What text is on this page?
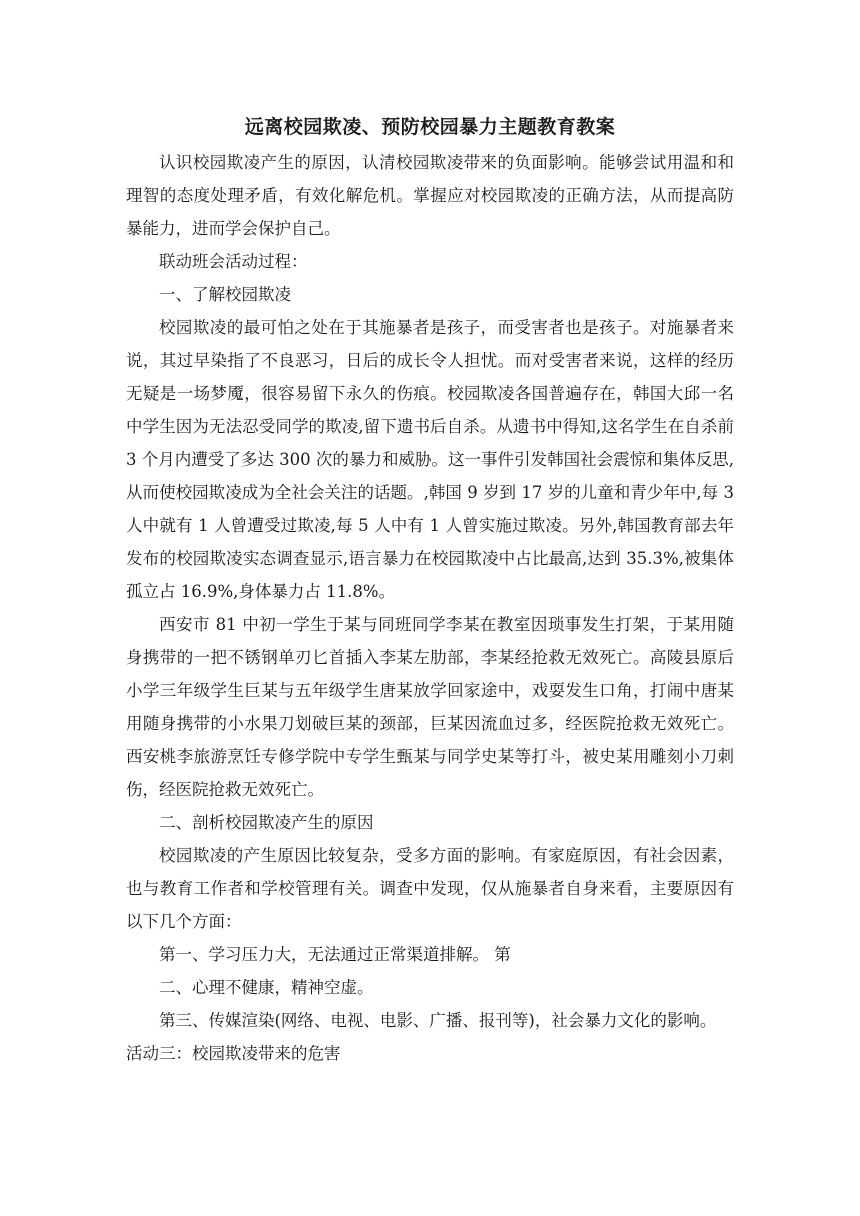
远离校园欺凌、预防校园暴力主题教育教案

认识校园欺凌产生的原因，认清校园欺凌带来的负面影响。能够尝试用温和和理智的态度处理矛盾，有效化解危机。掌握应对校园欺凌的正确方法，从而提高防暴能力，进而学会保护自己。

联动班会活动过程：

一、了解校园欺凌

校园欺凌的最可怕之处在于其施暴者是孩子，而受害者也是孩子。对施暴者来说，其过早染指了不良恶习，日后的成长令人担忧。而对受害者来说，这样的经历无疑是一场梦魇，很容易留下永久的伤痕。校园欺凌各国普遍存在，韩国大邱一名中学生因为无法忍受同学的欺凌,留下遗书后自杀。从遗书中得知,这名学生在自杀前 3 个月内遭受了多达 300 次的暴力和威胁。这一事件引发韩国社会震惊和集体反思,从而使校园欺凌成为全社会关注的话题。,韩国 9 岁到 17 岁的儿童和青少年中,每 3 人中就有 1 人曾遭受过欺凌,每 5 人中有 1 人曾实施过欺凌。另外,韩国教育部去年发布的校园欺凌实态调查显示,语言暴力在校园欺凌中占比最高,达到 35.3%,被集体孤立占 16.9%,身体暴力占 11.8%。

西安市 81 中初一学生于某与同班同学李某在教室因琐事发生打架，于某用随身携带的一把不锈钢单刃匕首插入李某左肋部，李某经抢救无效死亡。高陵县原后小学三年级学生巨某与五年级学生唐某放学回家途中，戏耍发生口角，打闹中唐某用随身携带的小水果刀划破巨某的颈部，巨某因流血过多，经医院抢救无效死亡。西安桃李旅游烹饪专修学院中专学生甄某与同学史某等打斗，被史某用雕刻小刀刺伤，经医院抢救无效死亡。

二、剖析校园欺凌产生的原因

校园欺凌的产生原因比较复杂，受多方面的影响。有家庭原因，有社会因素，也与教育工作者和学校管理有关。调查中发现，仅从施暴者自身来看，主要原因有以下几个方面：

第一、学习压力大，无法通过正常渠道排解。 第

二、心理不健康，精神空虚。

第三、传媒渲染(网络、电视、电影、广播、报刊等)，社会暴力文化的影响。

活动三：校园欺凌带来的危害
